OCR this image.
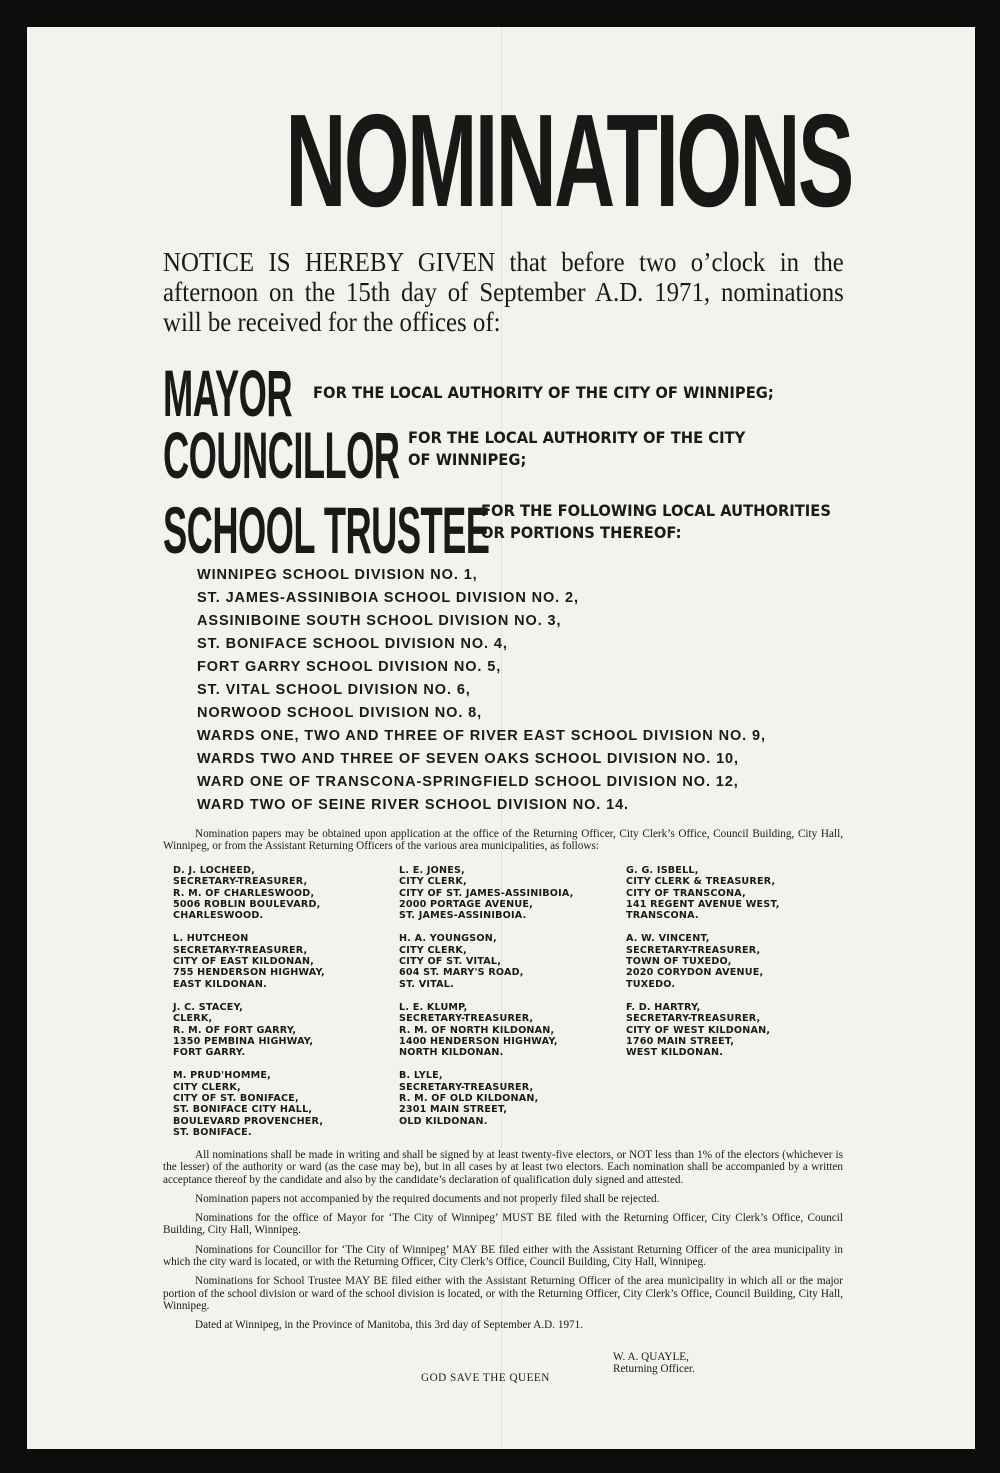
NOMINATIONS

NOTICE IS HEREBY GIVEN that before two o’clock in the afternoon on the 15th day of September A.D. 1971, nominations will be received for the offices of:

MAYOR FOR THE LOCAL AUTHORITY OF THE CITY OF WINNIPEG;
COUNCILLOR FOR THE LOCAL AUTHORITY OF THE CITY
OF WINNIPEG;
SCHOOL TRUSTEE
FOR THE FOLLOWING LOCAL AUTHORITIES
OR PORTIONS THEREOF:
WINNIPEG SCHOOL DIVISION NO. 1,
ST. JAMES-ASSINIBOIA SCHOOL DIVISION NO. 2,
ASSINIBOINE SOUTH SCHOOL DIVISION NO. 3,
ST. BONIFACE SCHOOL DIVISION NO. 4,
FORT GARRY SCHOOL DIVISION NO. 5,
ST. VITAL SCHOOL DIVISION NO. 6,
NORWOOD SCHOOL DIVISION NO. 8,
WARDS ONE, TWO AND THREE OF RIVER EAST SCHOOL DIVISION NO. 9,
WARDS TWO AND THREE OF SEVEN OAKS SCHOOL DIVISION NO. 10,
WARD ONE OF TRANSCONA-SPRINGFIELD SCHOOL DIVISION NO. 12,
WARD TWO OF SEINE RIVER SCHOOL DIVISION NO. 14.

Nomination papers may be obtained upon application at the office of the Returning Officer, City Clerk’s Office, Council Building, City Hall, Winnipeg, or from the Assistant Returning Officers of the various area municipalities, as follows:

D. J. LOCHEED,
SECRETARY-TREASURER,
R. M. OF CHARLESWOOD,
5006 ROBLIN BOULEVARD,
CHARLESWOOD.
L. E. JONES,
CITY CLERK,
CITY OF ST. JAMES-ASSINIBOIA,
2000 PORTAGE AVENUE,
ST. JAMES-ASSINIBOIA.
G. G. ISBELL,
CITY CLERK & TREASURER,
CITY OF TRANSCONA,
141 REGENT AVENUE WEST,
TRANSCONA.
L. HUTCHEON
SECRETARY-TREASURER,
CITY OF EAST KILDONAN,
755 HENDERSON HIGHWAY,
EAST KILDONAN.
H. A. YOUNGSON,
CITY CLERK,
CITY OF ST. VITAL,
604 ST. MARY'S ROAD,
ST. VITAL.
A. W. VINCENT,
SECRETARY-TREASURER,
TOWN OF TUXEDO,
2020 CORYDON AVENUE,
TUXEDO.
J. C. STACEY,
CLERK,
R. M. OF FORT GARRY,
1350 PEMBINA HIGHWAY,
FORT GARRY.
L. E. KLUMP,
SECRETARY-TREASURER,
R. M. OF NORTH KILDONAN,
1400 HENDERSON HIGHWAY,
NORTH KILDONAN.
F. D. HARTRY,
SECRETARY-TREASURER,
CITY OF WEST KILDONAN,
1760 MAIN STREET,
WEST KILDONAN.
M. PRUD'HOMME,
CITY CLERK,
CITY OF ST. BONIFACE,
ST. BONIFACE CITY HALL,
BOULEVARD PROVENCHER,
ST. BONIFACE.
B. LYLE,
SECRETARY-TREASURER,
R. M. OF OLD KILDONAN,
2301 MAIN STREET,
OLD KILDONAN.

All nominations shall be made in writing and shall be signed by at least twenty-five electors, or NOT less than 1% of the electors (whichever is the lesser) of the authority or ward (as the case may be), but in all cases by at least two electors. Each nomination shall be accompanied by a written acceptance thereof by the candidate and also by the candidate’s declaration of qualification duly signed and attested.

Nomination papers not accompanied by the required documents and not properly filed shall be rejected.

Nominations for the office of Mayor for ‘The City of Winnipeg’ MUST BE filed with the Returning Officer, City Clerk’s Office, Council Building, City Hall, Winnipeg.

Nominations for Councillor for ‘The City of Winnipeg’ MAY BE filed either with the Assistant Returning Officer of the area municipality in which the city ward is located, or with the Returning Officer, City Clerk’s Office, Council Building, City Hall, Winnipeg.

Nominations for School Trustee MAY BE filed either with the Assistant Returning Officer of the area municipality in which all or the major portion of the school division or ward of the school division is located, or with the Returning Officer, City Clerk’s Office, Council Building, City Hall, Winnipeg.

Dated at Winnipeg, in the Province of Manitoba, this 3rd day of September A.D. 1971.

W. A. QUAYLE,
Returning Officer.
GOD SAVE THE QUEEN
